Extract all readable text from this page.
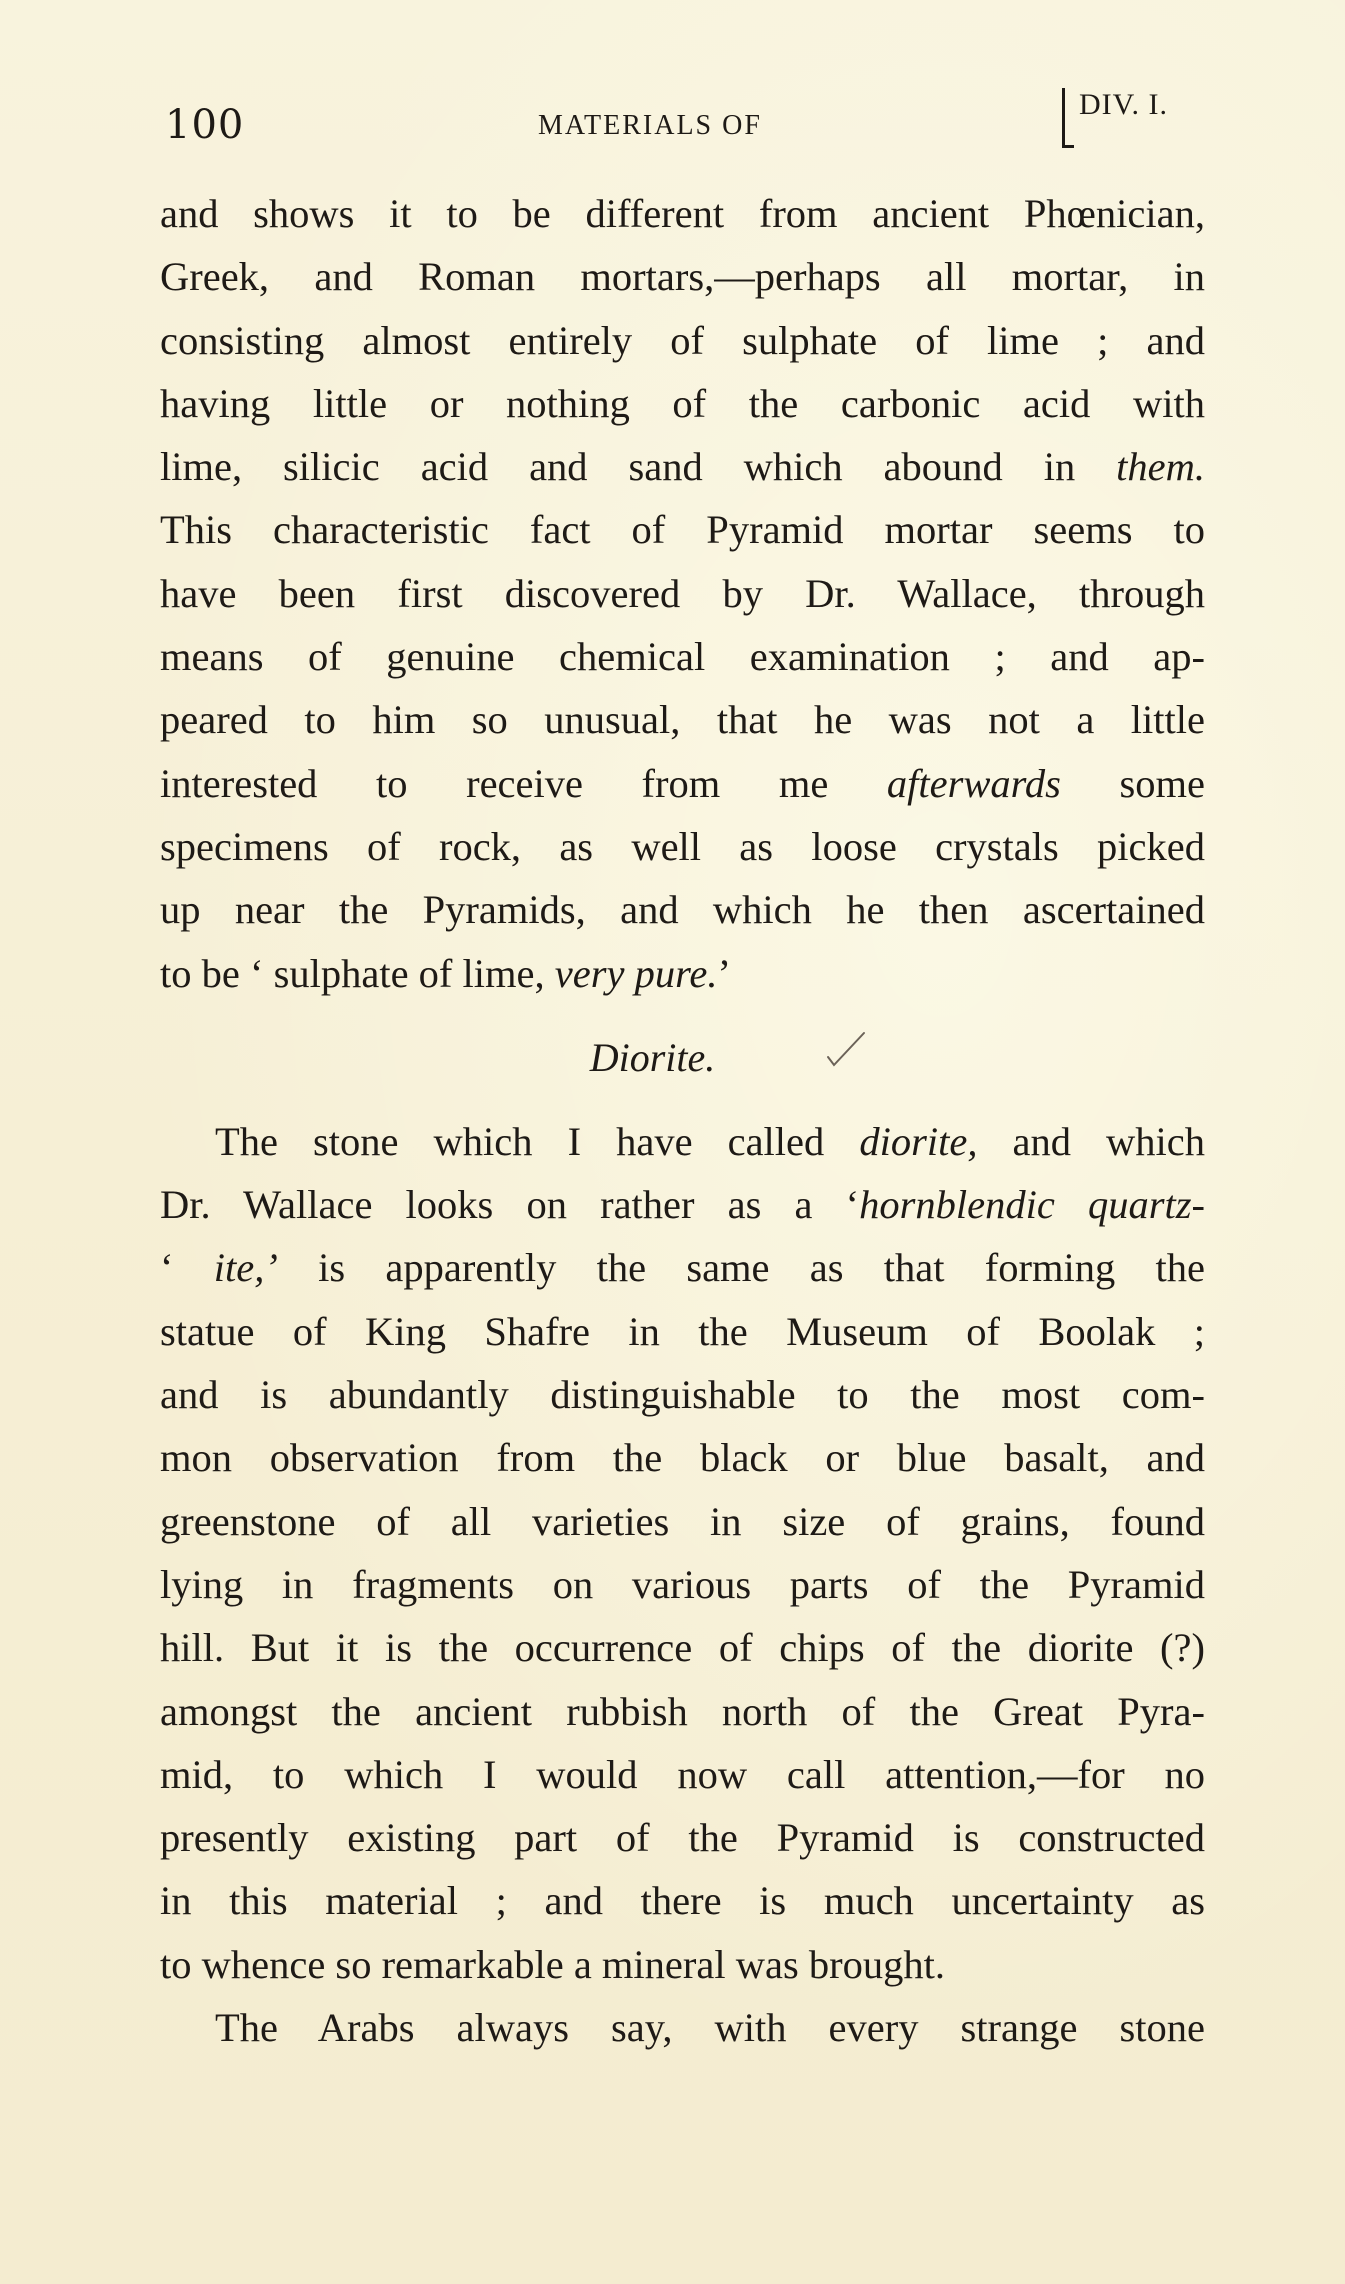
100	MATERIALS OF
DIV. I.
and shows it to be different from ancient Phœnician,
Greek, and Roman mortars,—perhaps all mortar, in
consisting almost entirely of sulphate of lime ; and
having little or nothing of the carbonic acid with
lime, silicic acid and sand which abound in them.
This characteristic fact of Pyramid mortar seems to
have been first discovered by Dr. Wallace, through
means of genuine chemical examination ; and ap-
peared to him so unusual, that he was not a little
interested to receive from me afterwards some
specimens of rock, as well as loose crystals picked
up near the Pyramids, and which he then ascertained
to be ‘ sulphate of lime, very pure.’
Diorite.
The stone which I have called diorite, and which
Dr. Wallace looks on rather as a ‘hornblendic quartz-
‘ ite,’ is apparently the same as that forming the
statue of King Shafre in the Museum of Boolak ;
and is abundantly distinguishable to the most com-
mon observation from the black or blue basalt, and
greenstone of all varieties in size of grains, found
lying in fragments on various parts of the Pyramid
hill. But it is the occurrence of chips of the diorite (?)
amongst the ancient rubbish north of the Great Pyra-
mid, to which I would now call attention,—for no
presently existing part of the Pyramid is constructed
in this material ; and there is much uncertainty as
to whence so remarkable a mineral was brought.
The Arabs always say, with every strange stone
